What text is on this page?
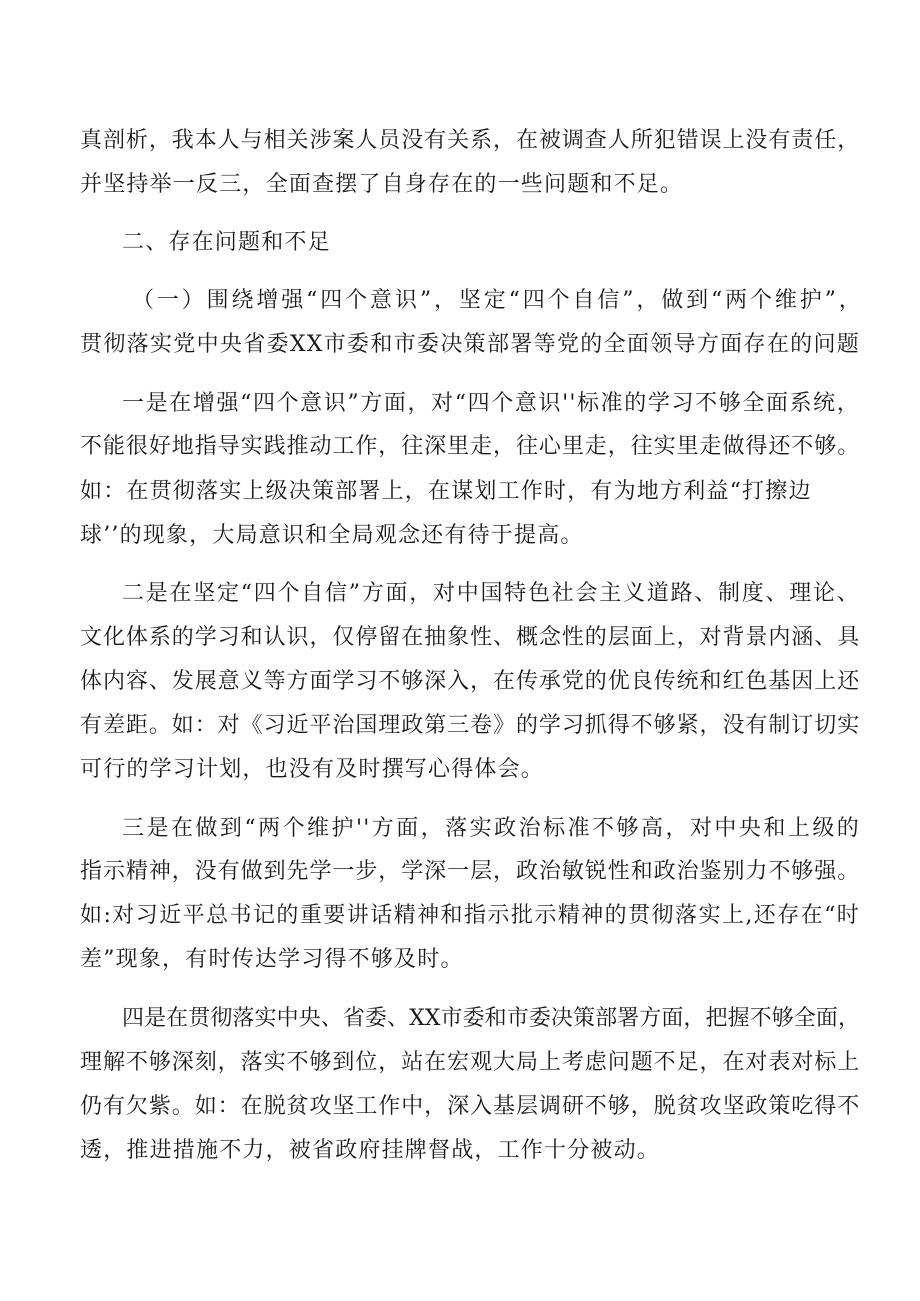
真剖析，我本人与相关涉案人员没有关系，在被调查人所犯错误上没有责任，
并坚持举一反三，全面查摆了自身存在的一些问题和不足。
二、存在问题和不足
（一）围绕增强“四个意识”，坚定“四个自信”，做到“两个维护”，
贯彻落实党中央省委XX市委和市委决策部署等党的全面领导方面存在的问题
一是在增强“四个意识”方面，对“四个意识''标准的学习不够全面系统，
不能很好地指导实践推动工作，往深里走，往心里走，往实里走做得还不够。
如：在贯彻落实上级决策部署上，在谋划工作时，有为地方利益“打擦边
球’’的现象，大局意识和全局观念还有待于提高。
二是在坚定“四个自信”方面，对中国特色社会主义道路、制度、理论、
文化体系的学习和认识，仅停留在抽象性、概念性的层面上，对背景内涵、具
体内容、发展意义等方面学习不够深入，在传承党的优良传统和红色基因上还
有差距。如：对《习近平治国理政第三卷》的学习抓得不够紧，没有制订切实
可行的学习计划，也没有及时撰写心得体会。
三是在做到“两个维护''方面，落实政治标准不够高，对中央和上级的
指示精神，没有做到先学一步，学深一层，政治敏锐性和政治鉴别力不够强。
如:对习近平总书记的重要讲话精神和指示批示精神的贯彻落实上,还存在“时
差”现象，有时传达学习得不够及时。
四是在贯彻落实中央、省委、XX市委和市委决策部署方面，把握不够全面，
理解不够深刻，落实不够到位，站在宏观大局上考虑问题不足，在对表对标上
仍有欠紫。如：在脱贫攻坚工作中，深入基层调研不够，脱贫攻坚政策吃得不
透，推进措施不力，被省政府挂牌督战，工作十分被动。
